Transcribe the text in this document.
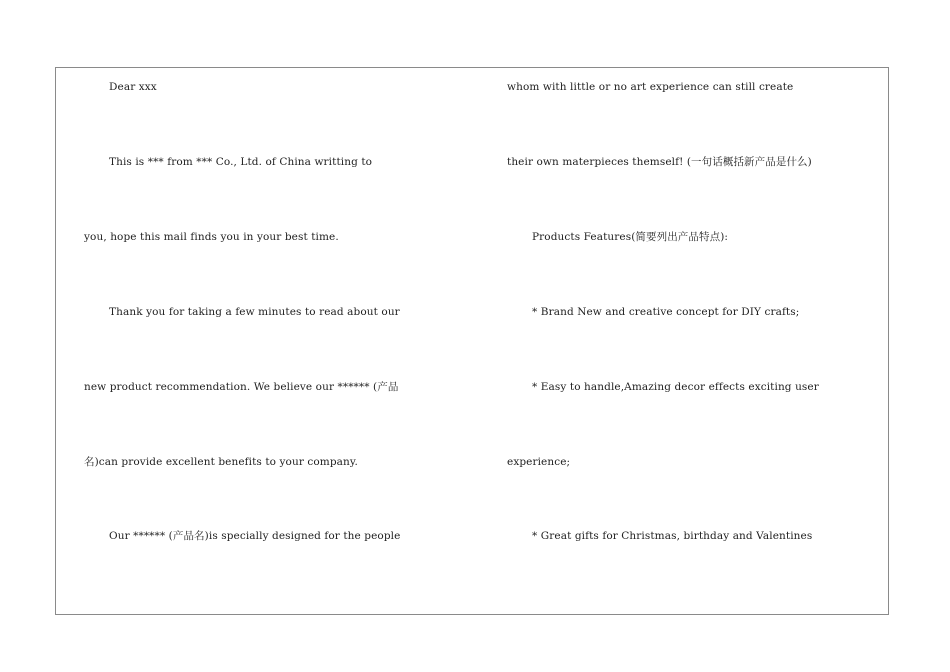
Dear xxx
This is *** from *** Co., Ltd. of China writting to
you, hope this mail finds you in your best time.
Thank you for taking a few minutes to read about our
new product recommendation. We believe our ****** (产品
名)can provide excellent benefits to your company.
Our ****** (产品名)is specially designed for the people
whom with little or no art experience can still create
their own materpieces themself! (一句话概括新产品是什么)
Products Features(简要列出产品特点):
* Brand New and creative concept for DIY crafts;
* Easy to handle,Amazing decor effects exciting user
experience;
* Great gifts for Christmas, birthday and Valentines
